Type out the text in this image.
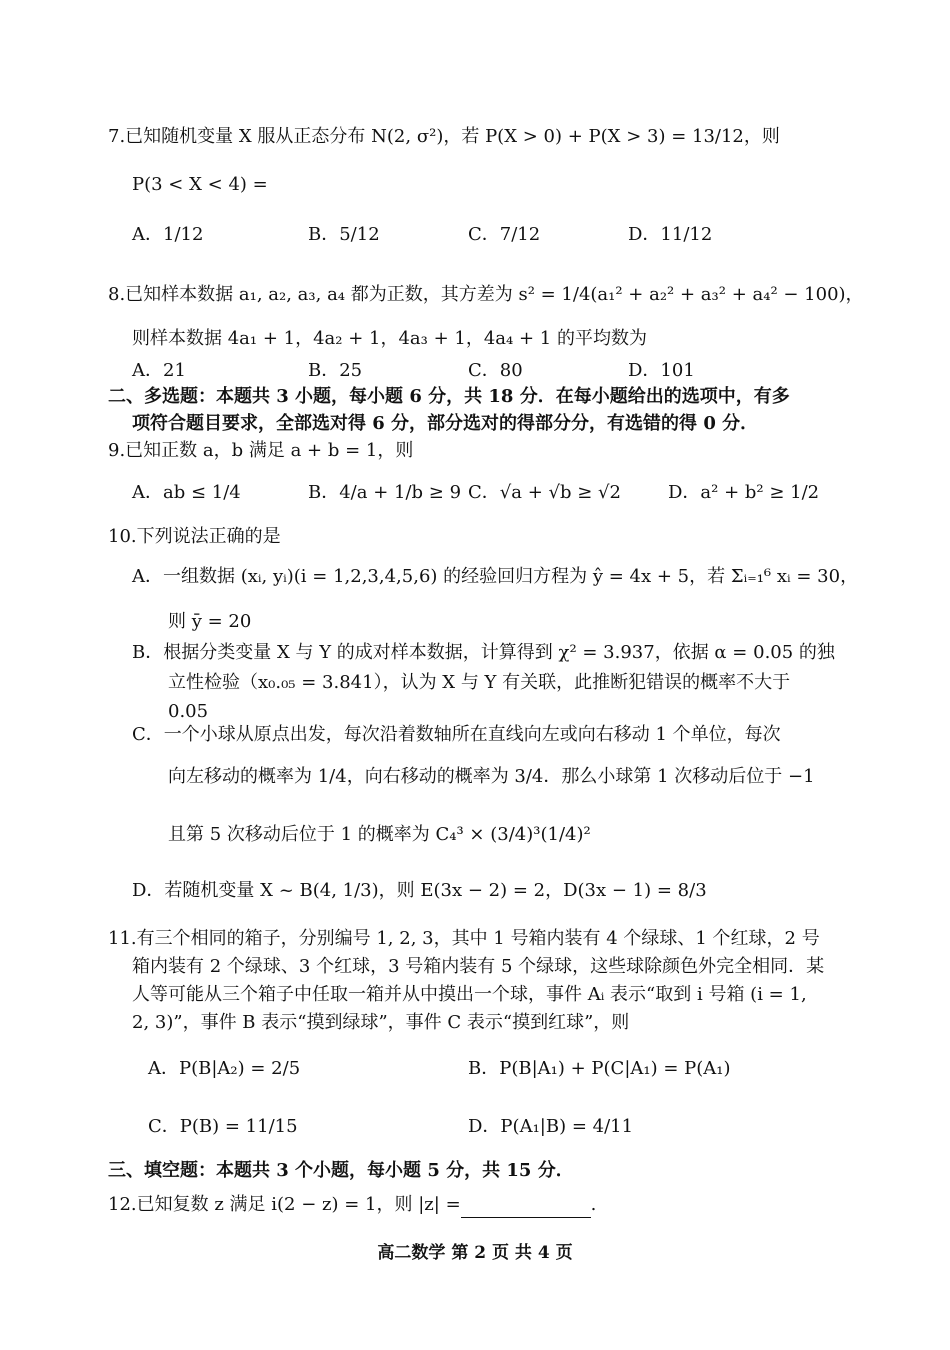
7.已知随机变量 X 服从正态分布 N(2, σ²)，若 P(X > 0) + P(X > 3) = 13/12，则
P(3 < X < 4) =
A．1/12	B．5/12	C．7/12	D．11/12
8.已知样本数据 a₁, a₂, a₃, a₄ 都为正数，其方差为 s² = 1/4(a₁² + a₂² + a₃² + a₄² − 100)，
则样本数据 4a₁ + 1，4a₂ + 1，4a₃ + 1，4a₄ + 1 的平均数为
A．21	B．25	C．80	D．101
二、多选题：本题共 3 小题，每小题 6 分，共 18 分．在每小题给出的选项中，有多
项符合题目要求，全部选对得 6 分，部分选对的得部分分，有选错的得 0 分．
9.已知正数 a，b 满足 a + b = 1，则
A．ab ≤ 1/4	B．4/a + 1/b ≥ 9 C．√a + √b ≥ √2	D．a² + b² ≥ 1/2
10.下列说法正确的是
A．一组数据 (xᵢ, yᵢ)(i = 1,2,3,4,5,6) 的经验回归方程为 ŷ = 4x + 5，若 Σᵢ₌₁⁶ xᵢ = 30，
则 ȳ = 20
B．根据分类变量 X 与 Y 的成对样本数据，计算得到 χ² = 3.937，依据 α = 0.05 的独
立性检验（x₀.₀₅ = 3.841），认为 X 与 Y 有关联，此推断犯错误的概率不大于
0.05
C．一个小球从原点出发，每次沿着数轴所在直线向左或向右移动 1 个单位，每次
向左移动的概率为 1/4，向右移动的概率为 3/4．那么小球第 1 次移动后位于 −1
且第 5 次移动后位于 1 的概率为 C₄³ × (3/4)³(1/4)²
D．若随机变量 X ~ B(4, 1/3)，则 E(3x − 2) = 2，D(3x − 1) = 8/3
11.有三个相同的箱子，分别编号 1, 2, 3，其中 1 号箱内装有 4 个绿球、1 个红球，2 号
箱内装有 2 个绿球、3 个红球，3 号箱内装有 5 个绿球，这些球除颜色外完全相同．某
人等可能从三个箱子中任取一箱并从中摸出一个球，事件 Aᵢ 表示“取到 i 号箱 (i = 1,
2, 3)”，事件 B 表示“摸到绿球”，事件 C 表示“摸到红球”，则
A．P(B|A₂) = 2/5	B．P(B|A₁) + P(C|A₁) = P(A₁)
C．P(B) = 11/15	D．P(A₁|B) = 4/11
三、填空题：本题共 3 个小题，每小题 5 分，共 15 分．
12.已知复数 z 满足 i(2 − z) = 1，则 |z| =	.
高二数学 第 2 页 共 4 页
